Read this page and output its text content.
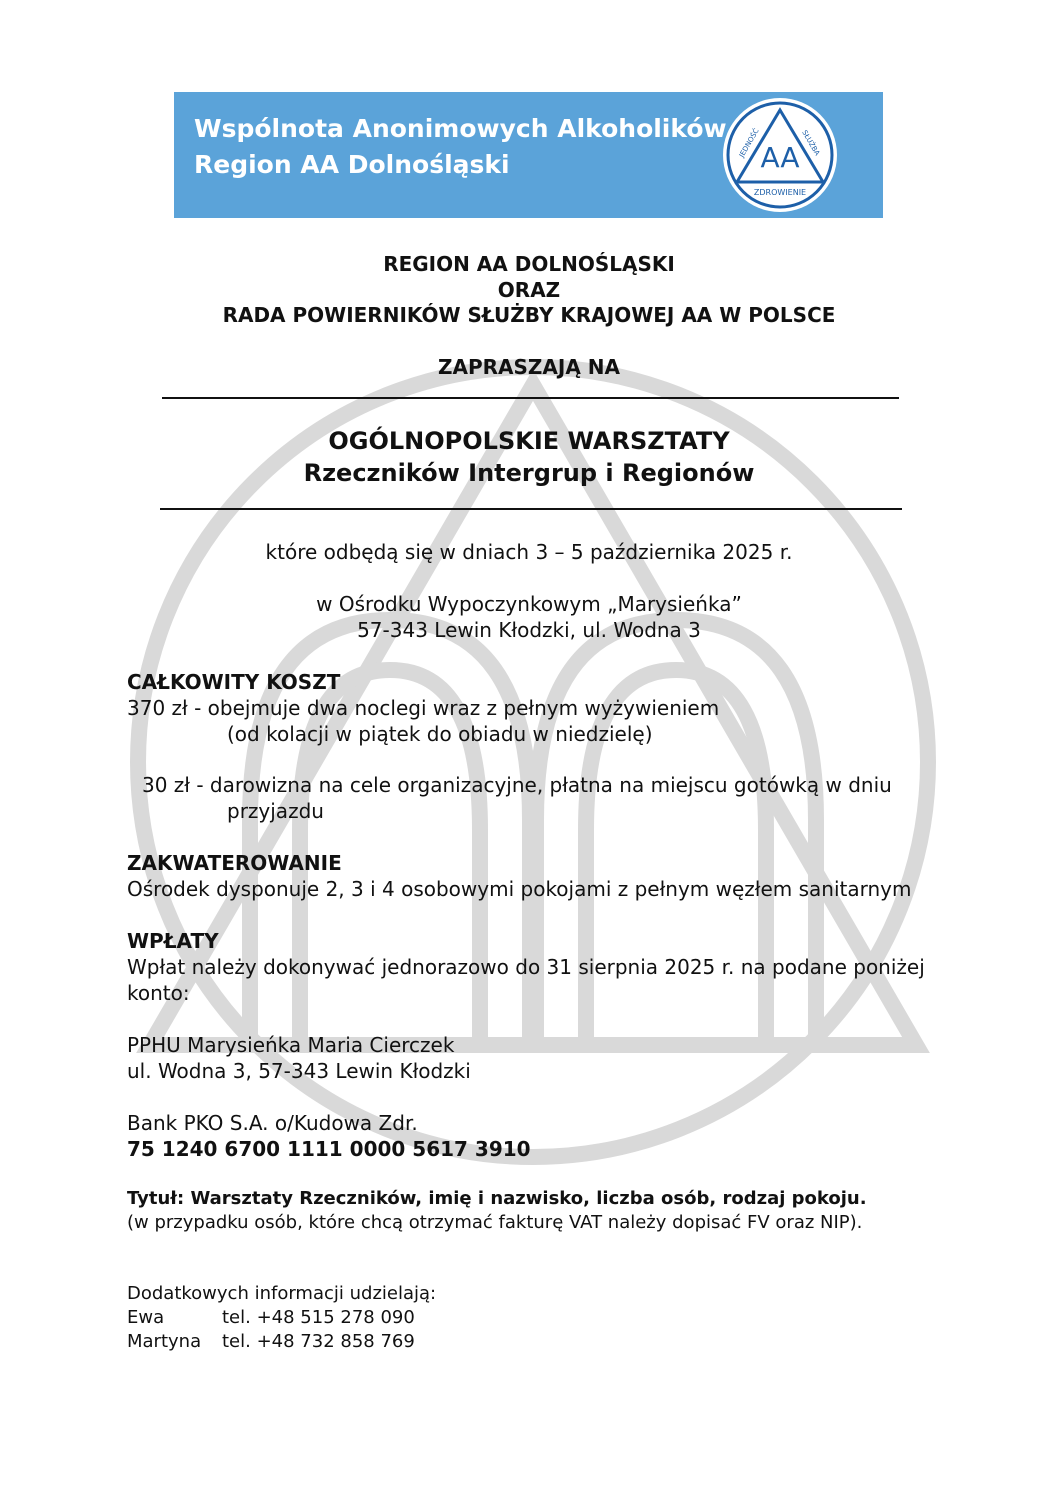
Wspólnota Anonimowych Alkoholików
Region AA Dolnośląski	AA
JEDNOŚĆ	SŁUŻBA
ZDROWIENIE
REGION AA DOLNOŚLĄSKI
ORAZ
RADA POWIERNIKÓW SŁUŻBY KRAJOWEJ AA W POLSCE
ZAPRASZAJĄ NA
OGÓLNOPOLSKIE WARSZTATY
Rzeczników Intergrup i Regionów
które odbędą się w dniach 3 – 5 października 2025 r.
w Ośrodku Wypoczynkowym „Marysieńka”
57-343 Lewin Kłodzki, ul. Wodna 3
CAŁKOWITY KOSZT
370 zł - obejmuje dwa noclegi wraz z pełnym wyżywieniem
(od kolacji w piątek do obiadu w niedzielę)
30 zł - darowizna na cele organizacyjne, płatna na miejscu gotówką w dniu
przyjazdu
ZAKWATEROWANIE
Ośrodek dysponuje 2, 3 i 4 osobowymi pokojami z pełnym węzłem sanitarnym
WPŁATY
Wpłat należy dokonywać jednorazowo do 31 sierpnia 2025 r. na podane poniżej
konto:
PPHU Marysieńka Maria Cierczek
ul. Wodna 3, 57-343 Lewin Kłodzki
Bank PKO S.A. o/Kudowa Zdr.
75 1240 6700 1111 0000 5617 3910
Tytuł: Warsztaty Rzeczników, imię i nazwisko, liczba osób, rodzaj pokoju.
(w przypadku osób, które chcą otrzymać fakturę VAT należy dopisać FV oraz NIP).
Dodatkowych informacji udzielają:
Ewa	tel. +48 515 278 090
Martyna tel. +48 732 858 769
